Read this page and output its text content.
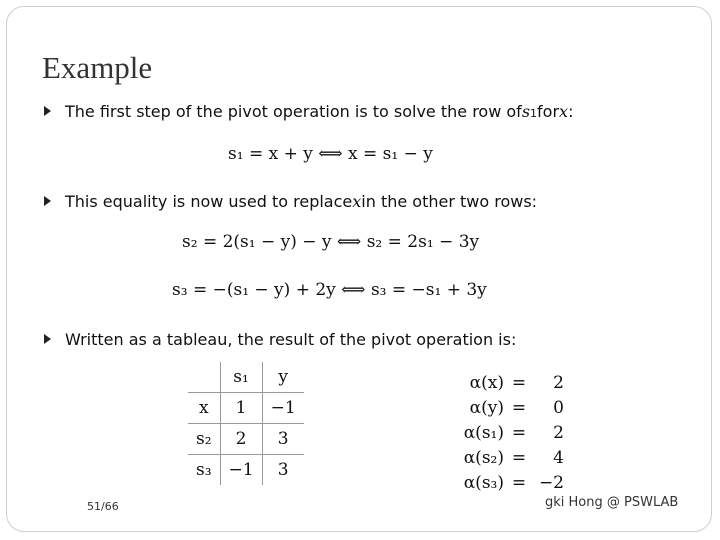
Example
The first step of the pivot operation is to solve the row of s 1 for x :
s₁ = x + y ⟺ x = s₁ − y
This equality is now used to replace x in the other two rows:
s₂ = 2(s₁ − y) − y ⟺ s₂ = 2s₁ − 3y
s₃ = −(s₁ − y) + 2y ⟺ s₃ = −s₁ + 3y
Written as a tableau, the result of the pivot operation is:
	s₁	y
x	1	−1
s₂	2	3
s₃	−1	3
α(x) =	2
α(y) =	0
α(s₁) =	2
α(s₂) =	4
α(s₃) = −2
51/66	gki Hong @ PSWLAB
